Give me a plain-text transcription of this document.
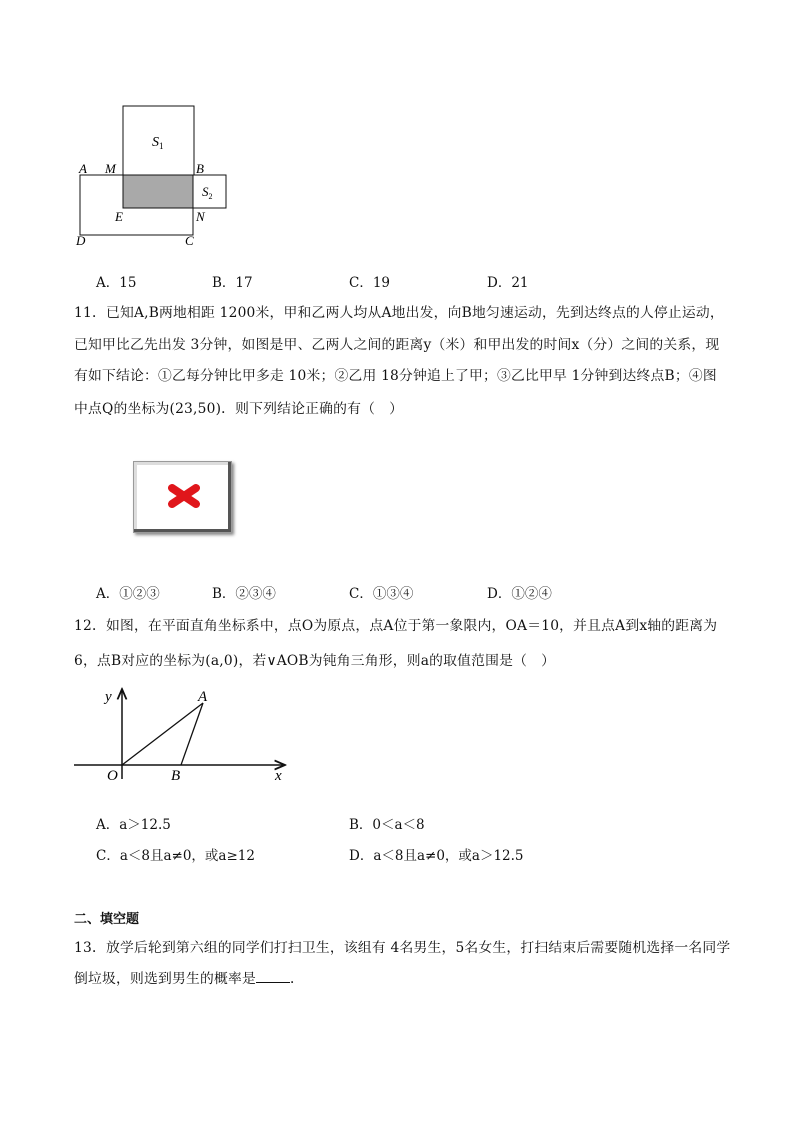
$S_1$
$S_2$
A M	B
E	N
D	C
A．15	B．17	C．19	D．21
11．已知A,B两地相距 1200米，甲和乙两人均从A地出发，向B地匀速运动，先到达终点的人停止运动，
已知甲比乙先出发 3分钟，如图是甲、乙两人之间的距离y（米）和甲出发的时间x（分）之间的关系，现
有如下结论：①乙每分钟比甲多走 10米；②乙用 18分钟追上了甲；③乙比甲早 1分钟到达终点B；④图
中点Q的坐标为(23,50)．则下列结论正确的有（　）
A．①②③	B．②③④	C．①③④	D．①②④
12．如图，在平面直角坐标系中，点O为原点，点A位于第一象限内，OA＝10，并且点A到x轴的距离为
6，点B对应的坐标为(a,0)，若∨AOB为钝角三角形，则a的取值范围是（　）
x
y
O
A
B
A．a＞12.5	B．0＜a＜8
C．a＜8且a≠0，或a≥12	D．a＜8且a≠0，或a＞12.5
二、填空题
13．放学后轮到第六组的同学们打扫卫生，该组有 4名男生，5名女生，打扫结束后需要随机选择一名同学
倒垃圾，则选到男生的概率是 ．
